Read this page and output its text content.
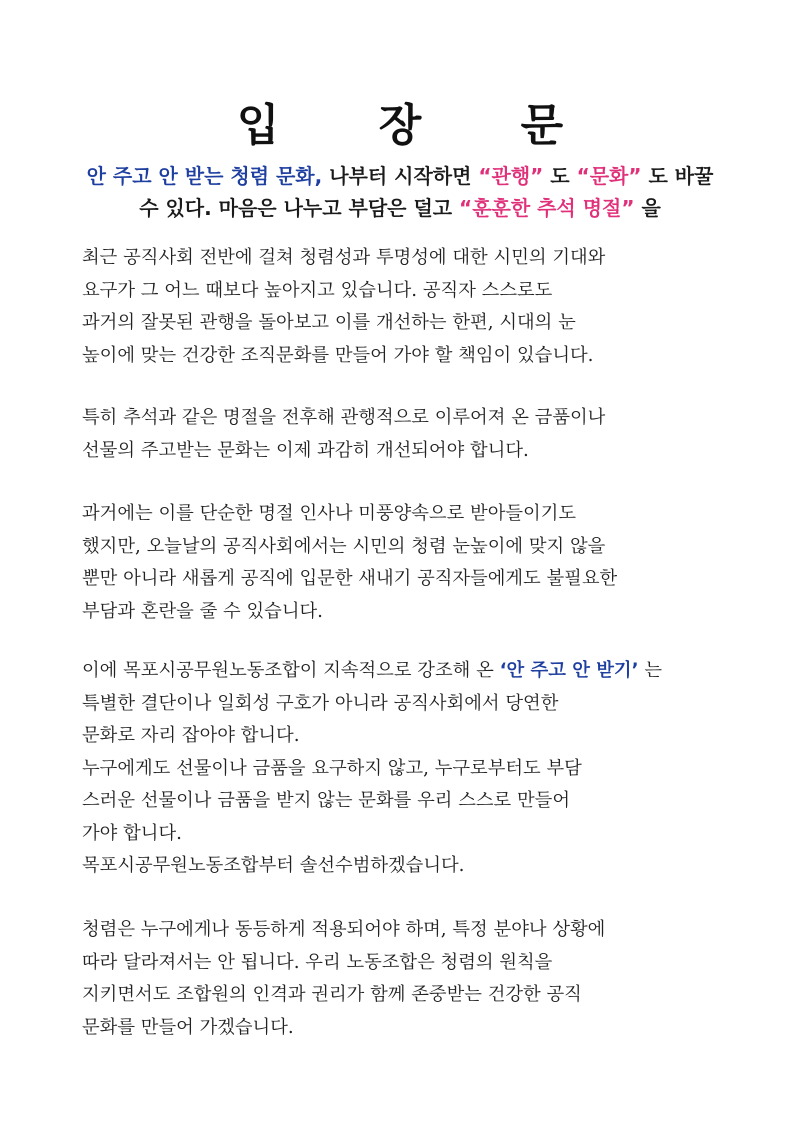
입 장 문
안 주고 안 받는 청렴 문화, 나부터 시작하면 “관행” 도 “문화” 도 바꿀
수 있다. 마음은 나누고 부담은 덜고 “훈훈한 추석 명절” 을
최근 공직사회 전반에 걸쳐 청렴성과 투명성에 대한 시민의 기대와
요구가 그 어느 때보다 높아지고 있습니다. 공직자 스스로도
과거의 잘못된 관행을 돌아보고 이를 개선하는 한편, 시대의 눈
높이에 맞는 건강한 조직문화를 만들어 가야 할 책임이 있습니다.
특히 추석과 같은 명절을 전후해 관행적으로 이루어져 온 금품이나
선물의 주고받는 문화는 이제 과감히 개선되어야 합니다.
과거에는 이를 단순한 명절 인사나 미풍양속으로 받아들이기도
했지만, 오늘날의 공직사회에서는 시민의 청렴 눈높이에 맞지 않을
뿐만 아니라 새롭게 공직에 입문한 새내기 공직자들에게도 불필요한
부담과 혼란을 줄 수 있습니다.
이에 목포시공무원노동조합이 지속적으로 강조해 온 ‘안 주고 안 받기’ 는
특별한 결단이나 일회성 구호가 아니라 공직사회에서 당연한
문화로 자리 잡아야 합니다.
누구에게도 선물이나 금품을 요구하지 않고, 누구로부터도 부담
스러운 선물이나 금품을 받지 않는 문화를 우리 스스로 만들어
가야 합니다.
목포시공무원노동조합부터 솔선수범하겠습니다.
청렴은 누구에게나 동등하게 적용되어야 하며, 특정 분야나 상황에
따라 달라져서는 안 됩니다. 우리 노동조합은 청렴의 원칙을
지키면서도 조합원의 인격과 권리가 함께 존중받는 건강한 공직
문화를 만들어 가겠습니다.
